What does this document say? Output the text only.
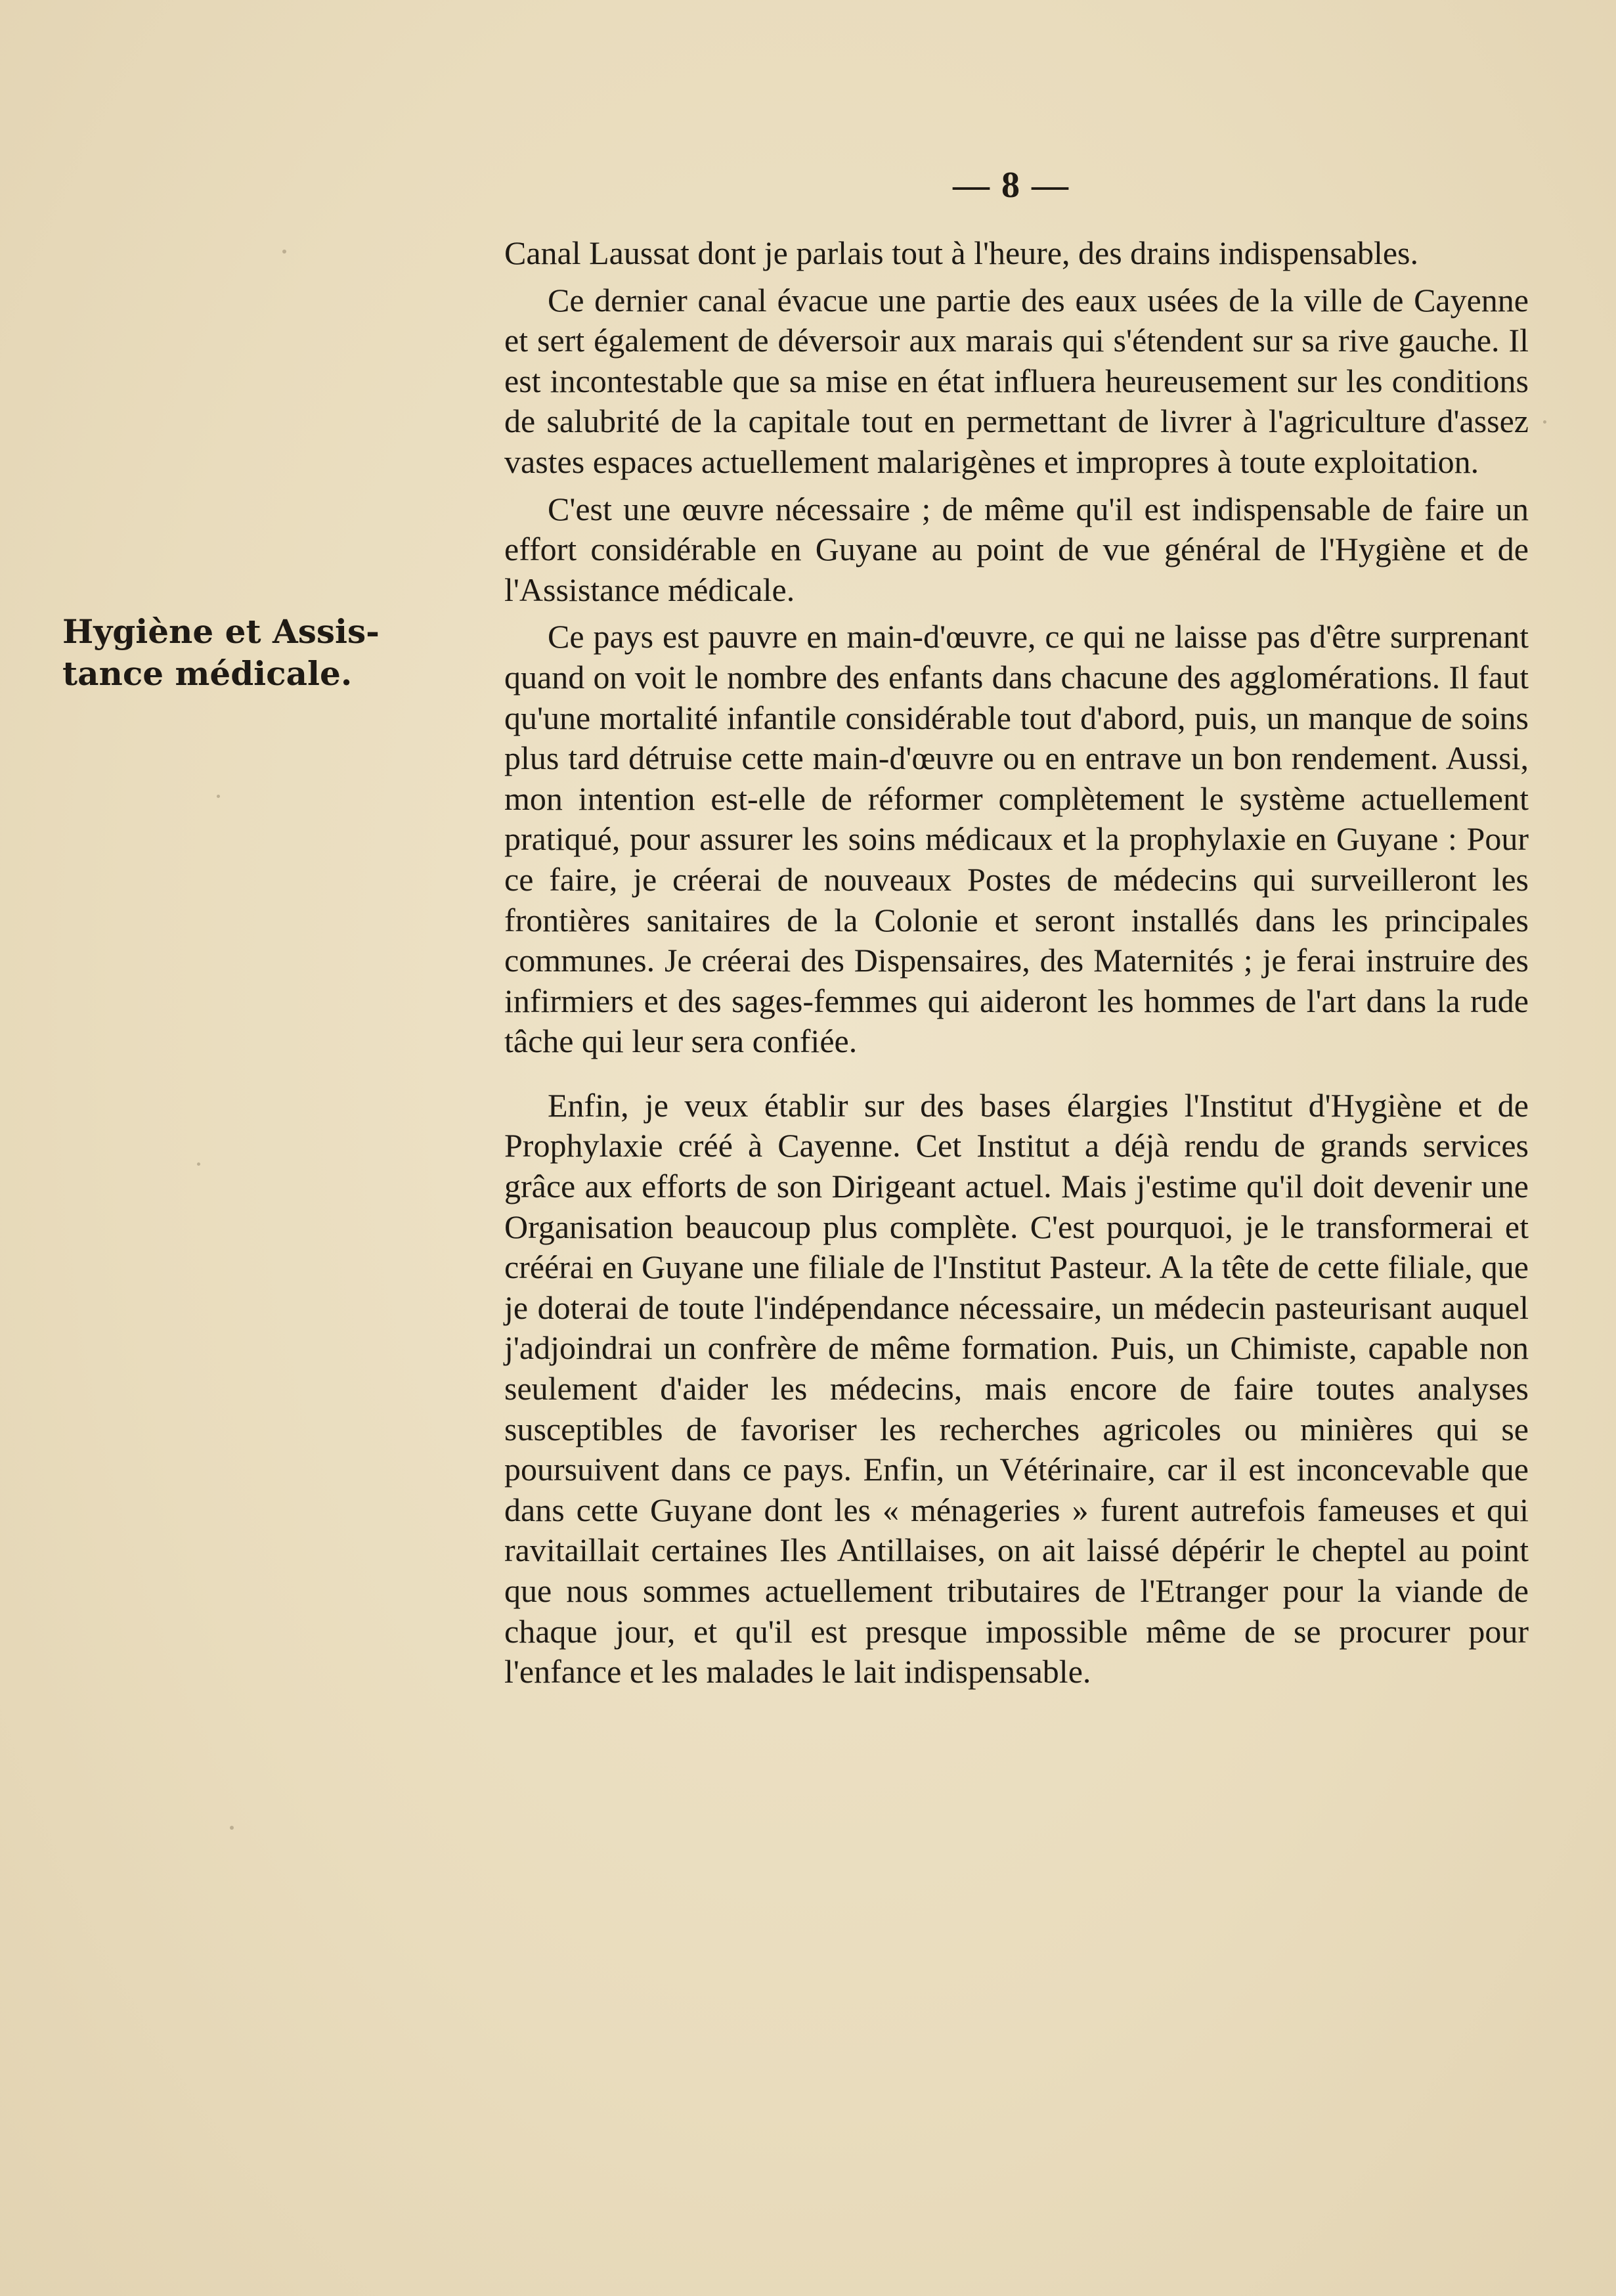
— 8 —
Hygiène et Assis-
tance médicale.

Canal Laussat dont je parlais tout à l'heure, des drains indispensables.

Ce dernier canal évacue une partie des eaux usées de la ville de Cayenne et sert également de déversoir aux marais qui s'étendent sur sa rive gauche. Il est incontestable que sa mise en état influera heureusement sur les conditions de salubrité de la capitale tout en permettant de livrer à l'agriculture d'assez vastes espaces actuellement malarigènes et impropres à toute exploitation.

C'est une œuvre nécessaire ; de même qu'il est indispensable de faire un effort considérable en Guyane au point de vue général de l'Hygiène et de l'Assistance médicale.

Ce pays est pauvre en main-d'œuvre, ce qui ne laisse pas d'être surprenant quand on voit le nombre des enfants dans chacune des agglomérations. Il faut qu'une mortalité infantile considérable tout d'abord, puis, un manque de soins plus tard détruise cette main-d'œuvre ou en entrave un bon rendement. Aussi, mon intention est-elle de réformer complètement le système actuellement pratiqué, pour assurer les soins médicaux et la prophylaxie en Guyane : Pour ce faire, je créerai de nouveaux Postes de médecins qui surveilleront les frontières sanitaires de la Colonie et seront installés dans les principales communes. Je créerai des Dispensaires, des Maternités ; je ferai instruire des infirmiers et des sages-femmes qui aideront les hommes de l'art dans la rude tâche qui leur sera confiée.

Enfin, je veux établir sur des bases élargies l'Institut d'Hygiène et de Prophylaxie créé à Cayenne. Cet Institut a déjà rendu de grands services grâce aux efforts de son Dirigeant actuel. Mais j'estime qu'il doit devenir une Organisation beaucoup plus complète. C'est pourquoi, je le transformerai et créérai en Guyane une filiale de l'Institut Pasteur. A la tête de cette filiale, que je doterai de toute l'indépendance nécessaire, un médecin pasteurisant auquel j'adjoindrai un confrère de même formation. Puis, un Chimiste, capable non seulement d'aider les médecins, mais encore de faire toutes analyses susceptibles de favoriser les recherches agricoles ou minières qui se poursuivent dans ce pays. Enfin, un Vétérinaire, car il est inconcevable que dans cette Guyane dont les « ménageries » furent autrefois fameuses et qui ravitaillait certaines Iles Antillaises, on ait laissé dépérir le cheptel au point que nous sommes actuellement tributaires de l'Etranger pour la viande de chaque jour, et qu'il est presque impossible même de se procurer pour l'enfance et les malades le lait indispensable.
